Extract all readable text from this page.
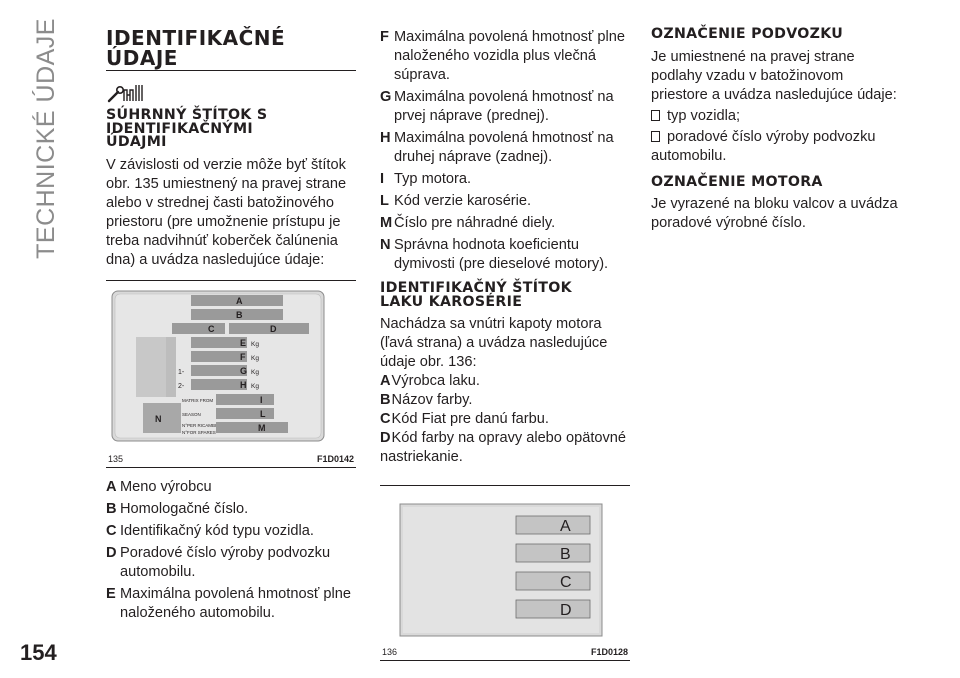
TECHNICKÉ ÚDAJE
154
IDENTIFIKAČNÉ
ÚDAJE
SÚHRNNÝ ŠTÍTOK S
IDENTIFIKAČNÝMI
ÚDAJMI

V závislosti od verzie môže byť štítok obr. 135 umiestnený na pravej strane alebo v strednej časti batožinového priestoru (pre umožnenie prístupu je treba nadvihnúť koberček čalúnenia dna) a uvádza nasledujúce údaje:

N
A
B
C	D
E
F
G
H
I
L
M
Kg
Kg
Kg
Kg
1-
2-
MATRIX FROM
SEASON
N°PER RICAMBI
N°FOR SPARES
135	F1D0142
A Meno výrobcu
B Homologačné číslo.
C Identifikačný kód typu vozidla.
D Poradové číslo výroby podvozku automobilu.
E Maximálna povolená hmotnosť plne naloženého automobilu.
F Maximálna povolená hmotnosť plne naloženého vozidla plus vlečná súprava.
G Maximálna povolená hmotnosť na prvej náprave (prednej).
H Maximálna povolená hmotnosť na druhej náprave (zadnej).
I Typ motora.
L Kód verzie karosérie.
M Číslo pre náhradné diely.
N Správna hodnota koeficientu dymivosti (pre dieselové motory).
IDENTIFIKAČNÝ ŠTÍTOK
LAKU KAROSÉRIE

Nachádza sa vnútri kapoty motora (ľavá strana) a uvádza nasledujúce údaje obr. 136:

AVýrobca laku.
BNázov farby.
CKód Fiat pre danú farbu.
DKód farby na opravy alebo opätovné nastriekanie.
A
B
C
D
136	F1D0128
OZNAČENIE PODVOZKU

Je umiestnené na pravej strane podlahy vzadu v batožinovom priestore a uvádza nasledujúce údaje:

typ vozidla;
poradové číslo výroby podvozku automobilu.
OZNAČENIE MOTORA

Je vyrazené na bloku valcov a uvádza poradové výrobné číslo.
